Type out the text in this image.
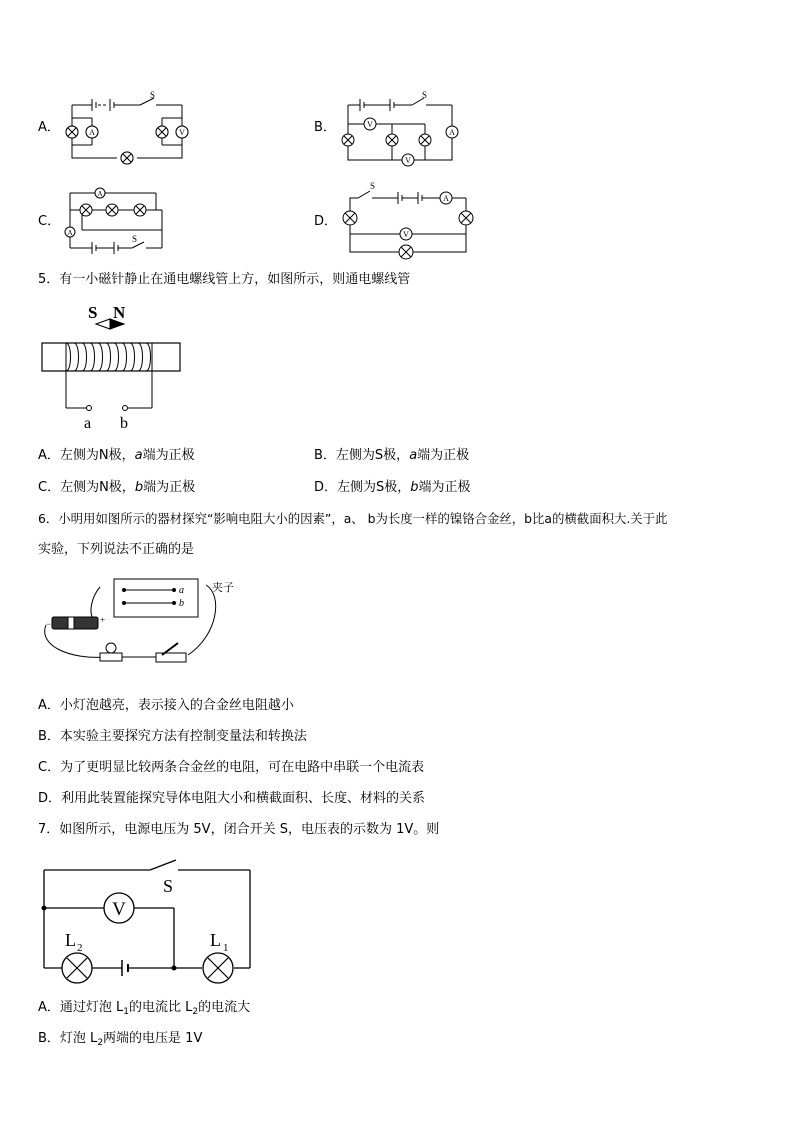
A．	A	V
S
B．	V
A
V
S
C．
A
A
S
D．
A
V
S
5．有一小磁针静止在通电螺线管上方，如图所示，则通电螺线管
S N
a b
A．左侧为N极，a端为正极	B．左侧为S极，a端为正极
C．左侧为N极，b端为正极	D．左侧为S极，b端为正极
6．小明用如图所示的器材探究“影响电阻大小的因素”，a、 b为长度一样的镍铬合金丝，b比a的横截面积大.关于此
实验，下列说法不正确的是
a
b
夹子
−	+
A．小灯泡越亮，表示接入的合金丝电阻越小
B．本实验主要探究方法有控制变量法和转换法
C．为了更明显比较两条合金丝的电阻，可在电路中串联一个电流表
D．利用此装置能探究导体电阻大小和横截面积、长度、材料的关系
7．如图所示，电源电压为 5V，闭合开关 S，电压表的示数为 1V。则
V
S
L 2	L 1
A．通过灯泡 $L_1$的电流比 $L_2$的电流大
B．灯泡 $L_2$两端的电压是 1V
